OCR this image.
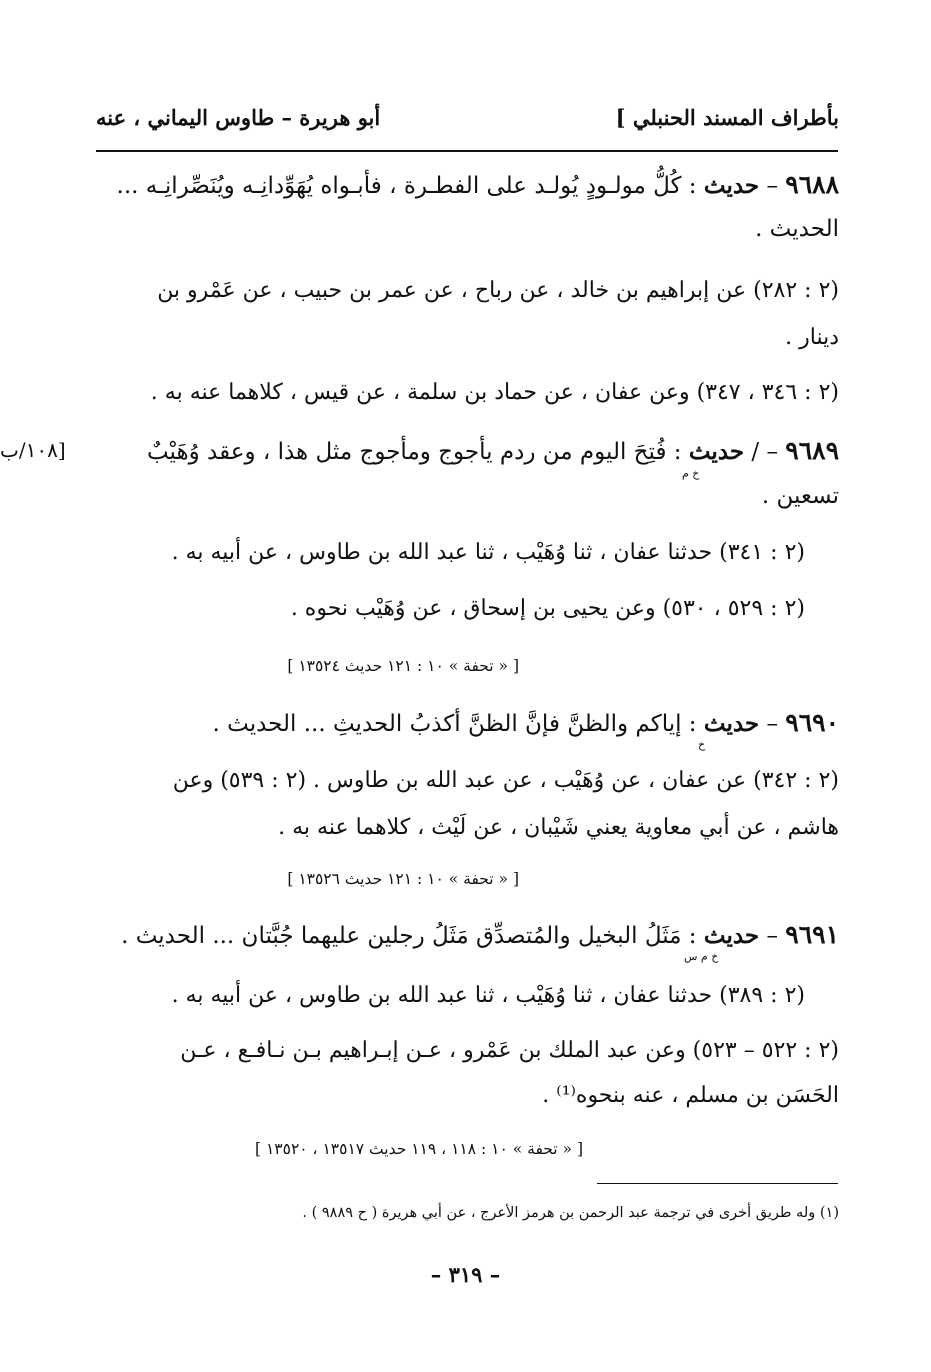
بأطراف المسند الحنبلي ]
أبو هريرة – طاوس اليماني ، عنه
[١٠٨/ب
٩٦٨٨ – حديث : كُلُّ مولـودٍ يُولـد على الفطـرة ، فأبـواه يُهَوِّدانِـه ويُنَصِّرانِـه ...
الحديث .
(٢ : ٢٨٢) عن إبراهيم بن خالد ، عن رباح ، عن عمر بن حبيب ، عن عَمْرو بن
دينار .
(٢ : ٣٤٦ ، ٣٤٧) وعن عفان ، عن حماد بن سلمة ، عن قيس ، كلاهما عنه به .
٩٦٨٩ – / حديث : فُتِحَ اليوم من ردم يأجوج ومأجوج مثل هذا ، وعقد وُهَيْبٌ
خ م
تسعين .
(٢ : ٣٤١) حدثنا عفان ، ثنا وُهَيْب ، ثنا عبد الله بن طاوس ، عن أبيه به .
(٢ : ٥٢٩ ، ٥٣٠) وعن يحيى بن إسحاق ، عن وُهَيْب نحوه .
[ « تحفة » ١٠ : ١٢١ حديث ١٣٥٢٤ ]
٩٦٩٠ – حديث : إياكم والظنَّ فإنَّ الظنَّ أكذبُ الحديثِ ... الحديث .
خ
(٢ : ٣٤٢) عن عفان ، عن وُهَيْب ، عن عبد الله بن طاوس . (٢ : ٥٣٩) وعن
هاشم ، عن أبي معاوية يعني شَيْبان ، عن لَيْث ، كلاهما عنه به .
[ « تحفة » ١٠ : ١٢١ حديث ١٣٥٢٦ ]
٩٦٩١ – حديث : مَثَلُ البخيل والمُتصدِّق مَثَلُ رجلين عليهما جُبَّتان ... الحديث .
خ م س
(٢ : ٣٨٩) حدثنا عفان ، ثنا وُهَيْب ، ثنا عبد الله بن طاوس ، عن أبيه به .
(٢ : ٥٢٢ – ٥٢٣) وعن عبد الملك بن عَمْرو ، عـن إبـراهيم بـن نـافـع ، عـن
الحَسَن بن مسلم ، عنه بنحوه⁽¹⁾ .
[ « تحفة » ١٠ : ١١٨ ، ١١٩ حديث ١٣٥١٧ ، ١٣٥٢٠ ]
(١) وله طريق أخرى في ترجمة عبد الرحمن بن هرمز الأعرج ، عن أبي هريرة ( ح ٩٨٨٩ ) .
– ٣١٩ –
